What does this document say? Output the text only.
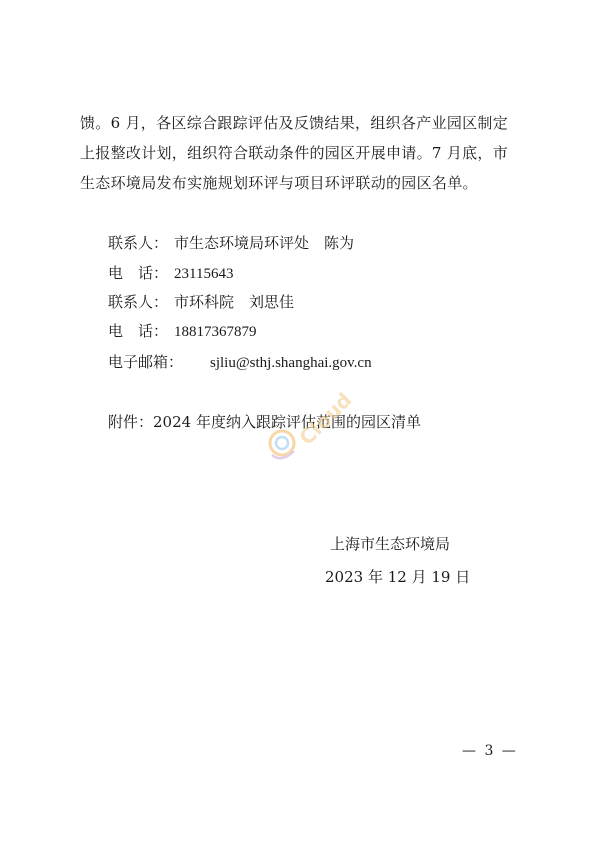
馈。6 月，各区综合跟踪评估及反馈结果，组织各产业园区制定
上报整改计划，组织符合联动条件的园区开展申请。7 月底，市
生态环境局发布实施规划环评与项目环评联动的园区名单。
联系人： 市生态环境局环评处　陈为
电　话： 23115643
联系人： 市环科院　刘思佳
电　话： 18817367879
电子邮箱： sjliu@sthj.shanghai.gov.cn
附件：2024 年度纳入跟踪评估范围的园区清单
上海市生态环境局
2023 年 12 月 19 日
— 3 —
Cloud
